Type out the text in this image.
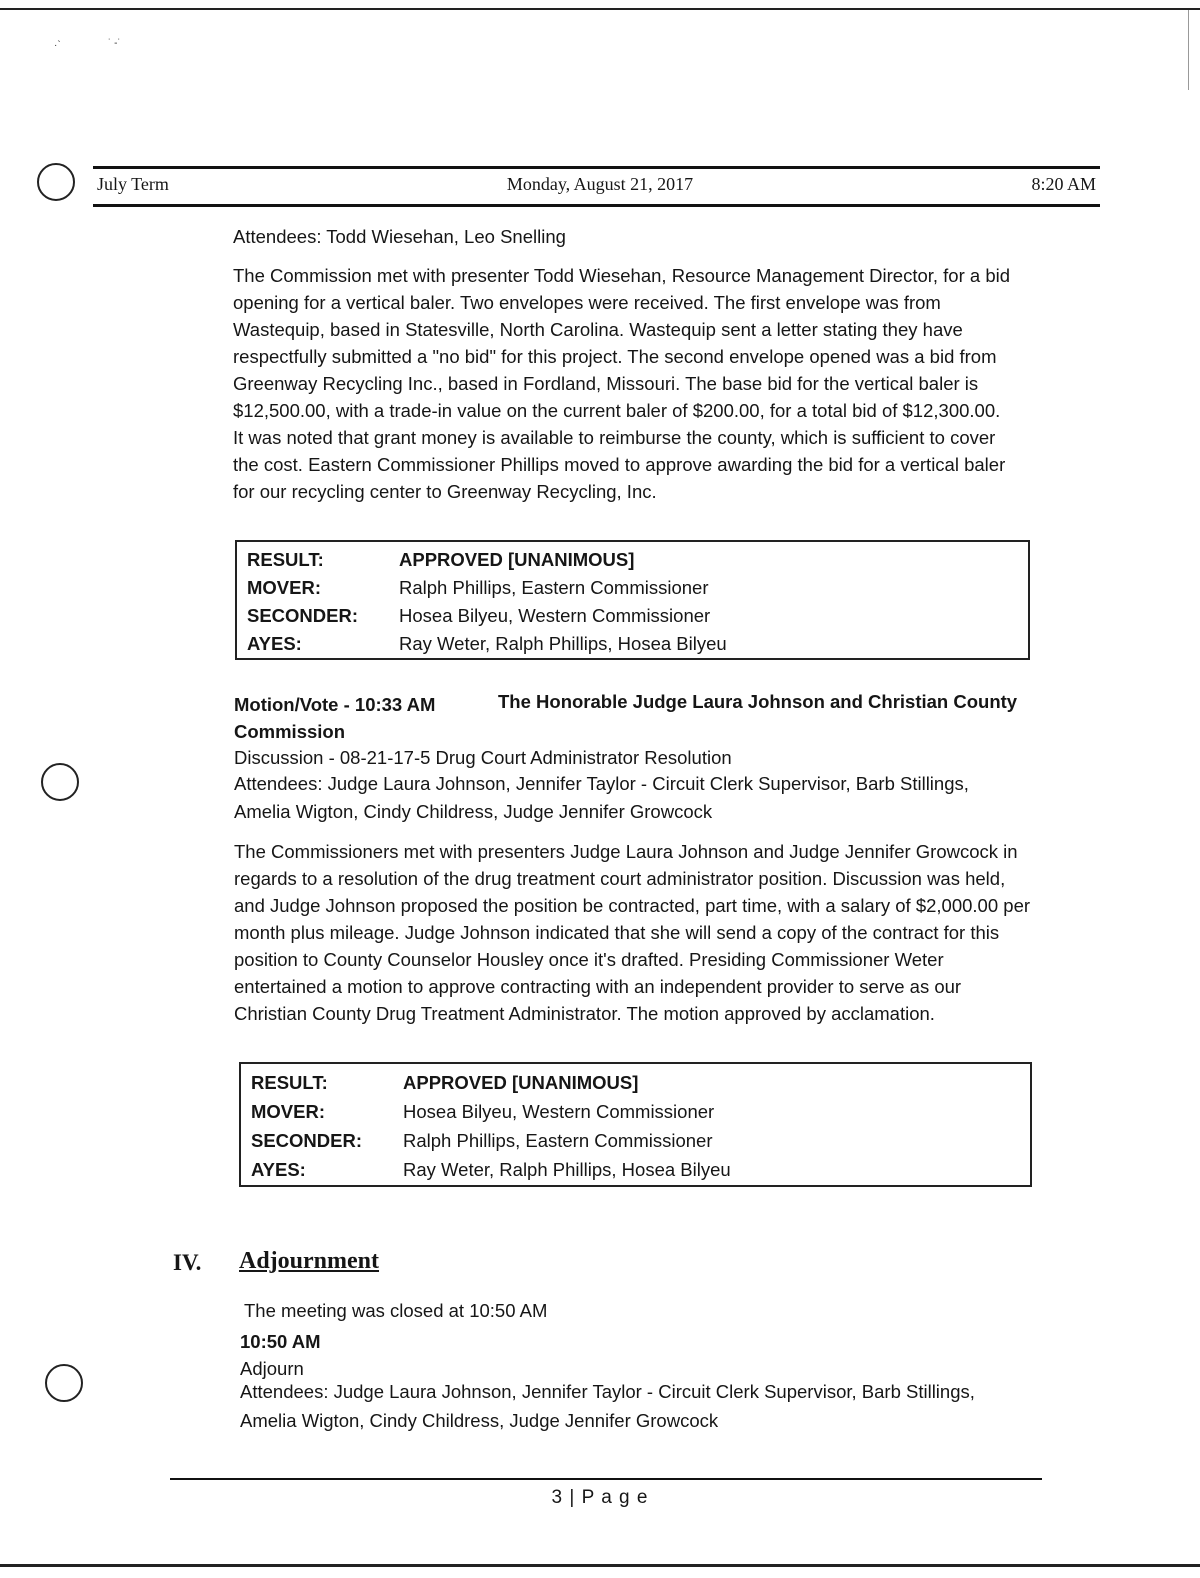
·`	˙ -˙
July Term	Monday, August 21, 2017	8:20 AM
Attendees: Todd Wiesehan, Leo Snelling

The Commission met with presenter Todd Wiesehan, Resource Management Director, for a bid opening for a vertical baler. Two envelopes were received. The first envelope was from Wastequip, based in Statesville, North Carolina. Wastequip sent a letter stating they have respectfully submitted a "no bid" for this project. The second envelope opened was a bid from Greenway Recycling Inc., based in Fordland, Missouri. The base bid for the vertical baler is $12,500.00, with a trade-in value on the current baler of $200.00, for a total bid of $12,300.00. It was noted that grant money is available to reimburse the county, which is sufficient to cover the cost. Eastern Commissioner Phillips moved to approve awarding the bid for a vertical baler for our recycling center to Greenway Recycling, Inc.

RESULT:	APPROVED [UNANIMOUS]
MOVER:	Ralph Phillips, Eastern Commissioner
SECONDER: Hosea Bilyeu, Western Commissioner
AYES:	Ray Weter, Ralph Phillips, Hosea Bilyeu
Motion/Vote - 10:33 AM	The Honorable Judge Laura Johnson and Christian County
Commission
Discussion - 08-21-17-5 Drug Court Administrator Resolution
Attendees: Judge Laura Johnson, Jennifer Taylor - Circuit Clerk Supervisor, Barb Stillings,
Amelia Wigton, Cindy Childress, Judge Jennifer Growcock

The Commissioners met with presenters Judge Laura Johnson and Judge Jennifer Growcock in regards to a resolution of the drug treatment court administrator position. Discussion was held, and Judge Johnson proposed the position be contracted, part time, with a salary of $2,000.00 per month plus mileage. Judge Johnson indicated that she will send a copy of the contract for this position to County Counselor Housley once it's drafted. Presiding Commissioner Weter entertained a motion to approve contracting with an independent provider to serve as our Christian County Drug Treatment Administrator. The motion approved by acclamation.

RESULT:	APPROVED [UNANIMOUS]
MOVER:	Hosea Bilyeu, Western Commissioner
SECONDER: Ralph Phillips, Eastern Commissioner
AYES:	Ray Weter, Ralph Phillips, Hosea Bilyeu
IV. Adjournment
The meeting was closed at 10:50 AM
10:50 AM
Adjourn
Attendees: Judge Laura Johnson, Jennifer Taylor - Circuit Clerk Supervisor, Barb Stillings,
Amelia Wigton, Cindy Childress, Judge Jennifer Growcock
3 | P a g e
